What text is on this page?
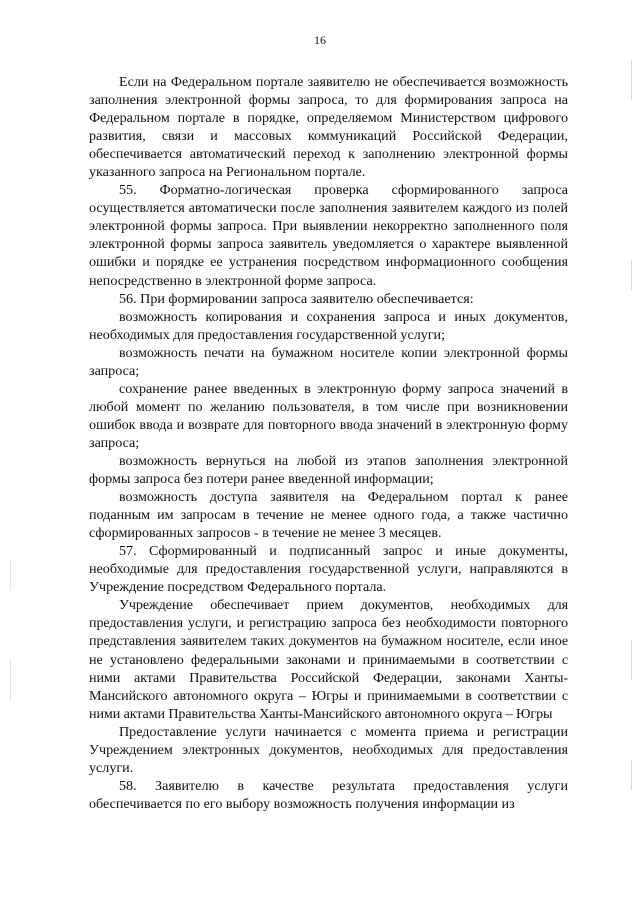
16

Если на Федеральном портале заявителю не обеспечивается возможность заполнения электронной формы запроса, то для формирования запроса на Федеральном портале в порядке, определяемом Министерством цифрового развития, связи и массовых коммуникаций Российской Федерации, обеспечивается автоматический переход к заполнению электронной формы указанного запроса на Региональном портале.

55. Форматно-логическая проверка сформированного запроса осуществляется автоматически после заполнения заявителем каждого из полей электронной формы запроса. При выявлении некорректно заполненного поля электронной формы запроса заявитель уведомляется о характере выявленной ошибки и порядке ее устранения посредством информационного сообщения непосредственно в электронной форме запроса.

56. При формировании запроса заявителю обеспечивается:

возможность копирования и сохранения запроса и иных документов, необходимых для предоставления государственной услуги;

возможность печати на бумажном носителе копии электронной формы запроса;

сохранение ранее введенных в электронную форму запроса значений в любой момент по желанию пользователя, в том числе при возникновении ошибок ввода и возврате для повторного ввода значений в электронную форму запроса;

возможность вернуться на любой из этапов заполнения электронной формы запроса без потери ранее введенной информации;

возможность доступа заявителя на Федеральном портал к ранее поданным им запросам в течение не менее одного года, а также частично сформированных запросов - в течение не менее 3 месяцев.

57. Сформированный и подписанный запрос и иные документы, необходимые для предоставления государственной услуги, направляются в Учреждение посредством Федерального портала.

Учреждение обеспечивает прием документов, необходимых для предоставления услуги, и регистрацию запроса без необходимости повторного представления заявителем таких документов на бумажном носителе, если иное не установлено федеральными законами и принимаемыми в соответствии с ними актами Правительства Российской Федерации, законами Ханты-Мансийского автономного округа – Югры и принимаемыми в соответствии с ними актами Правительства Ханты-Мансийского автономного округа – Югры

Предоставление услуги начинается с момента приема и регистрации Учреждением электронных документов, необходимых для предоставления услуги.

58. Заявителю в качестве результата предоставления услуги обеспечивается по его выбору возможность получения информации из
